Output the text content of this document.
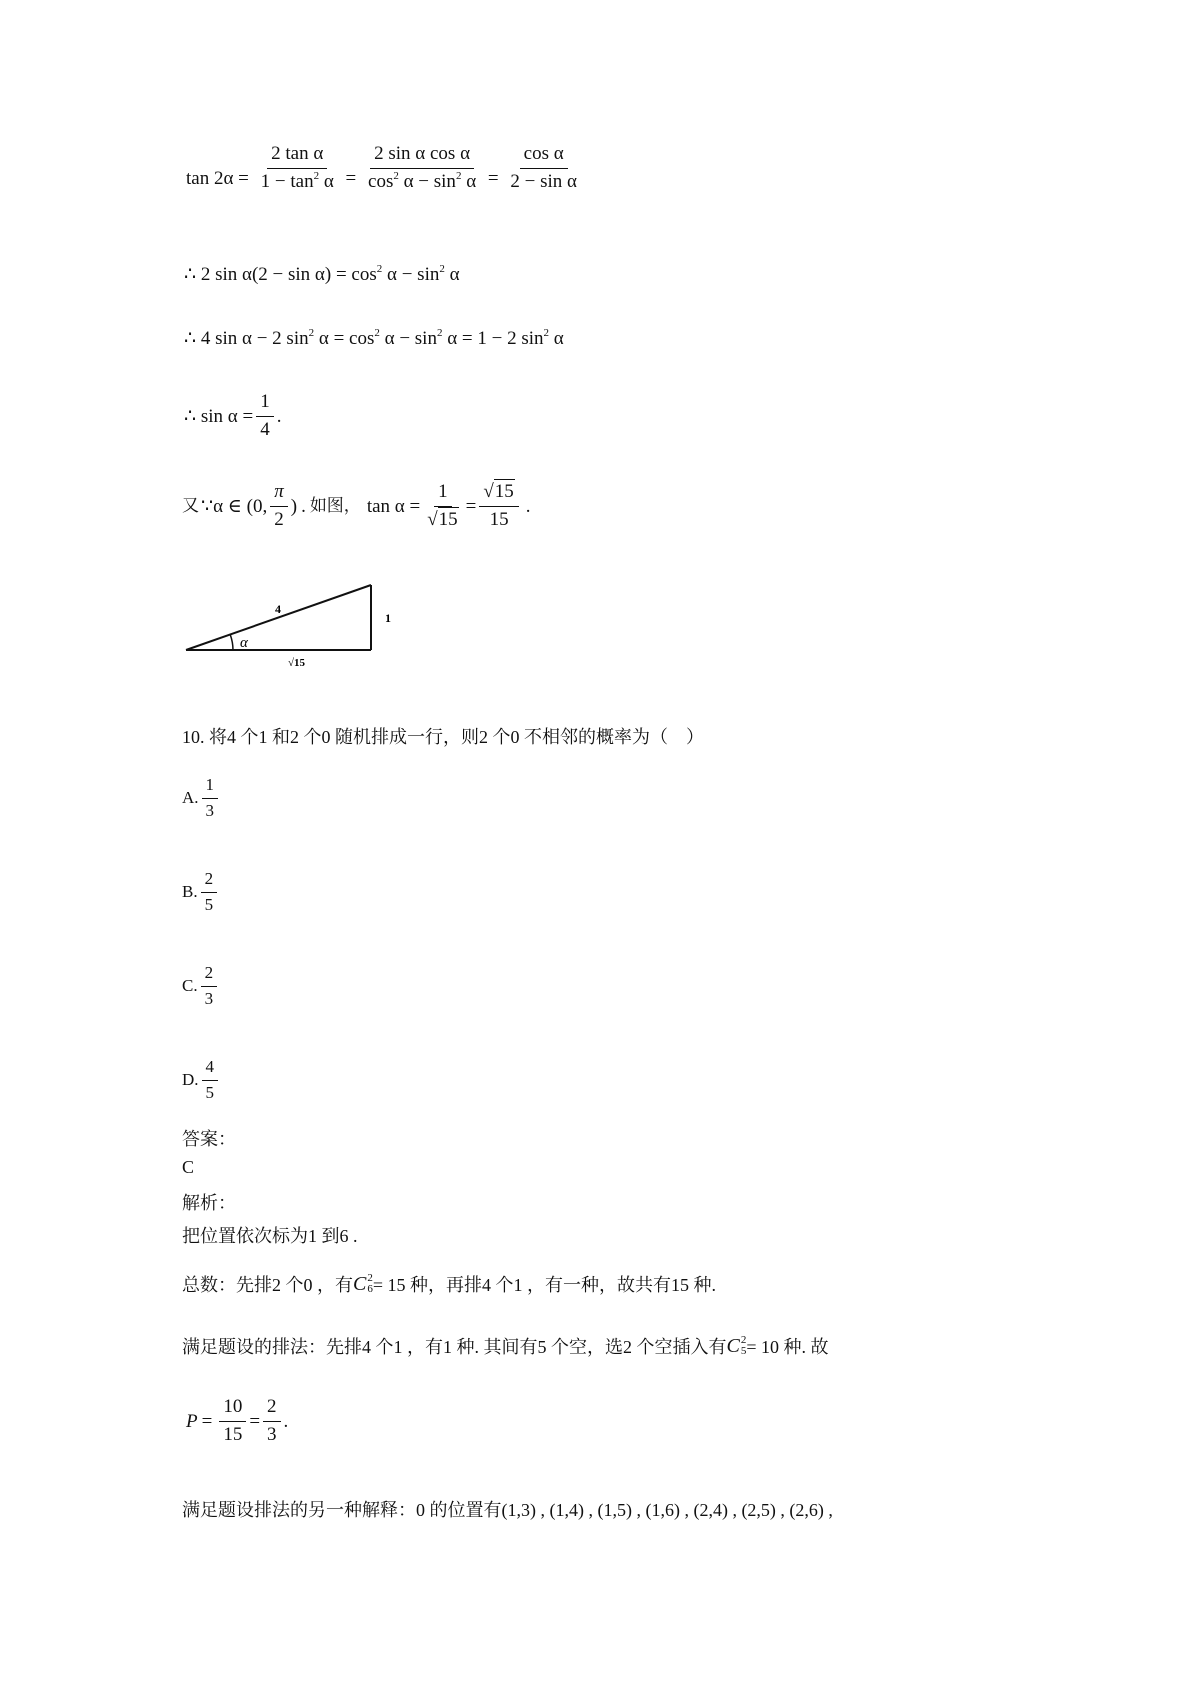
$\tan 2\alpha = \frac{\text{2 tan α}}{1 - \tan^2 \alpha} = \frac{\text{2 sin α cos α}}{\cos^2 \alpha - \sin^2 \alpha} = \frac{\text{cos α}}{\text{2 − sin α}}$
∴ 2 $\sin \alpha(2 - \sin \alpha) = \cos^2 \alpha - \sin^2 \alpha$
∴ 4 sin α − 2 $\sin^2 \alpha = \cos^2 \alpha - \sin^2 \alpha = 1 - 2$ $\sin^2 \alpha$
∴ $\sin \alpha = \frac{1}{4}$ .
又 ∵ α ∈ (0, $\frac{\pi}{2}$ ) . 如图， $\tan \alpha = \frac{1}{√15} = \frac{√15}{15}$ .
4
1
α
√15
10. 将4 个1 和2 个0 随机排成一行，则2 个0 不相邻的概率为（　）
A. $\frac{1}{3}$
B. $\frac{2}{5}$
C. $\frac{2}{3}$
D. $\frac{4}{5}$
答案：
C
解析：
把位置依次标为1 到6 .
总数：先排2 个0 ，有 C 2
6 = 15 种，再排4 个1 ，有一种，故共有15 种.
满足题设的排法：先排4 个1 ，有1 种. 其间有5 个空，选2 个空插入有 C 2
5 = 10 种. 故
$P = \frac{10}{15} = \frac{2}{3}$ .
满足题设排法的另一种解释：0 的位置有(1,3) , (1,4) , (1,5) , (1,6) , (2,4) , (2,5) , (2,6) ,
